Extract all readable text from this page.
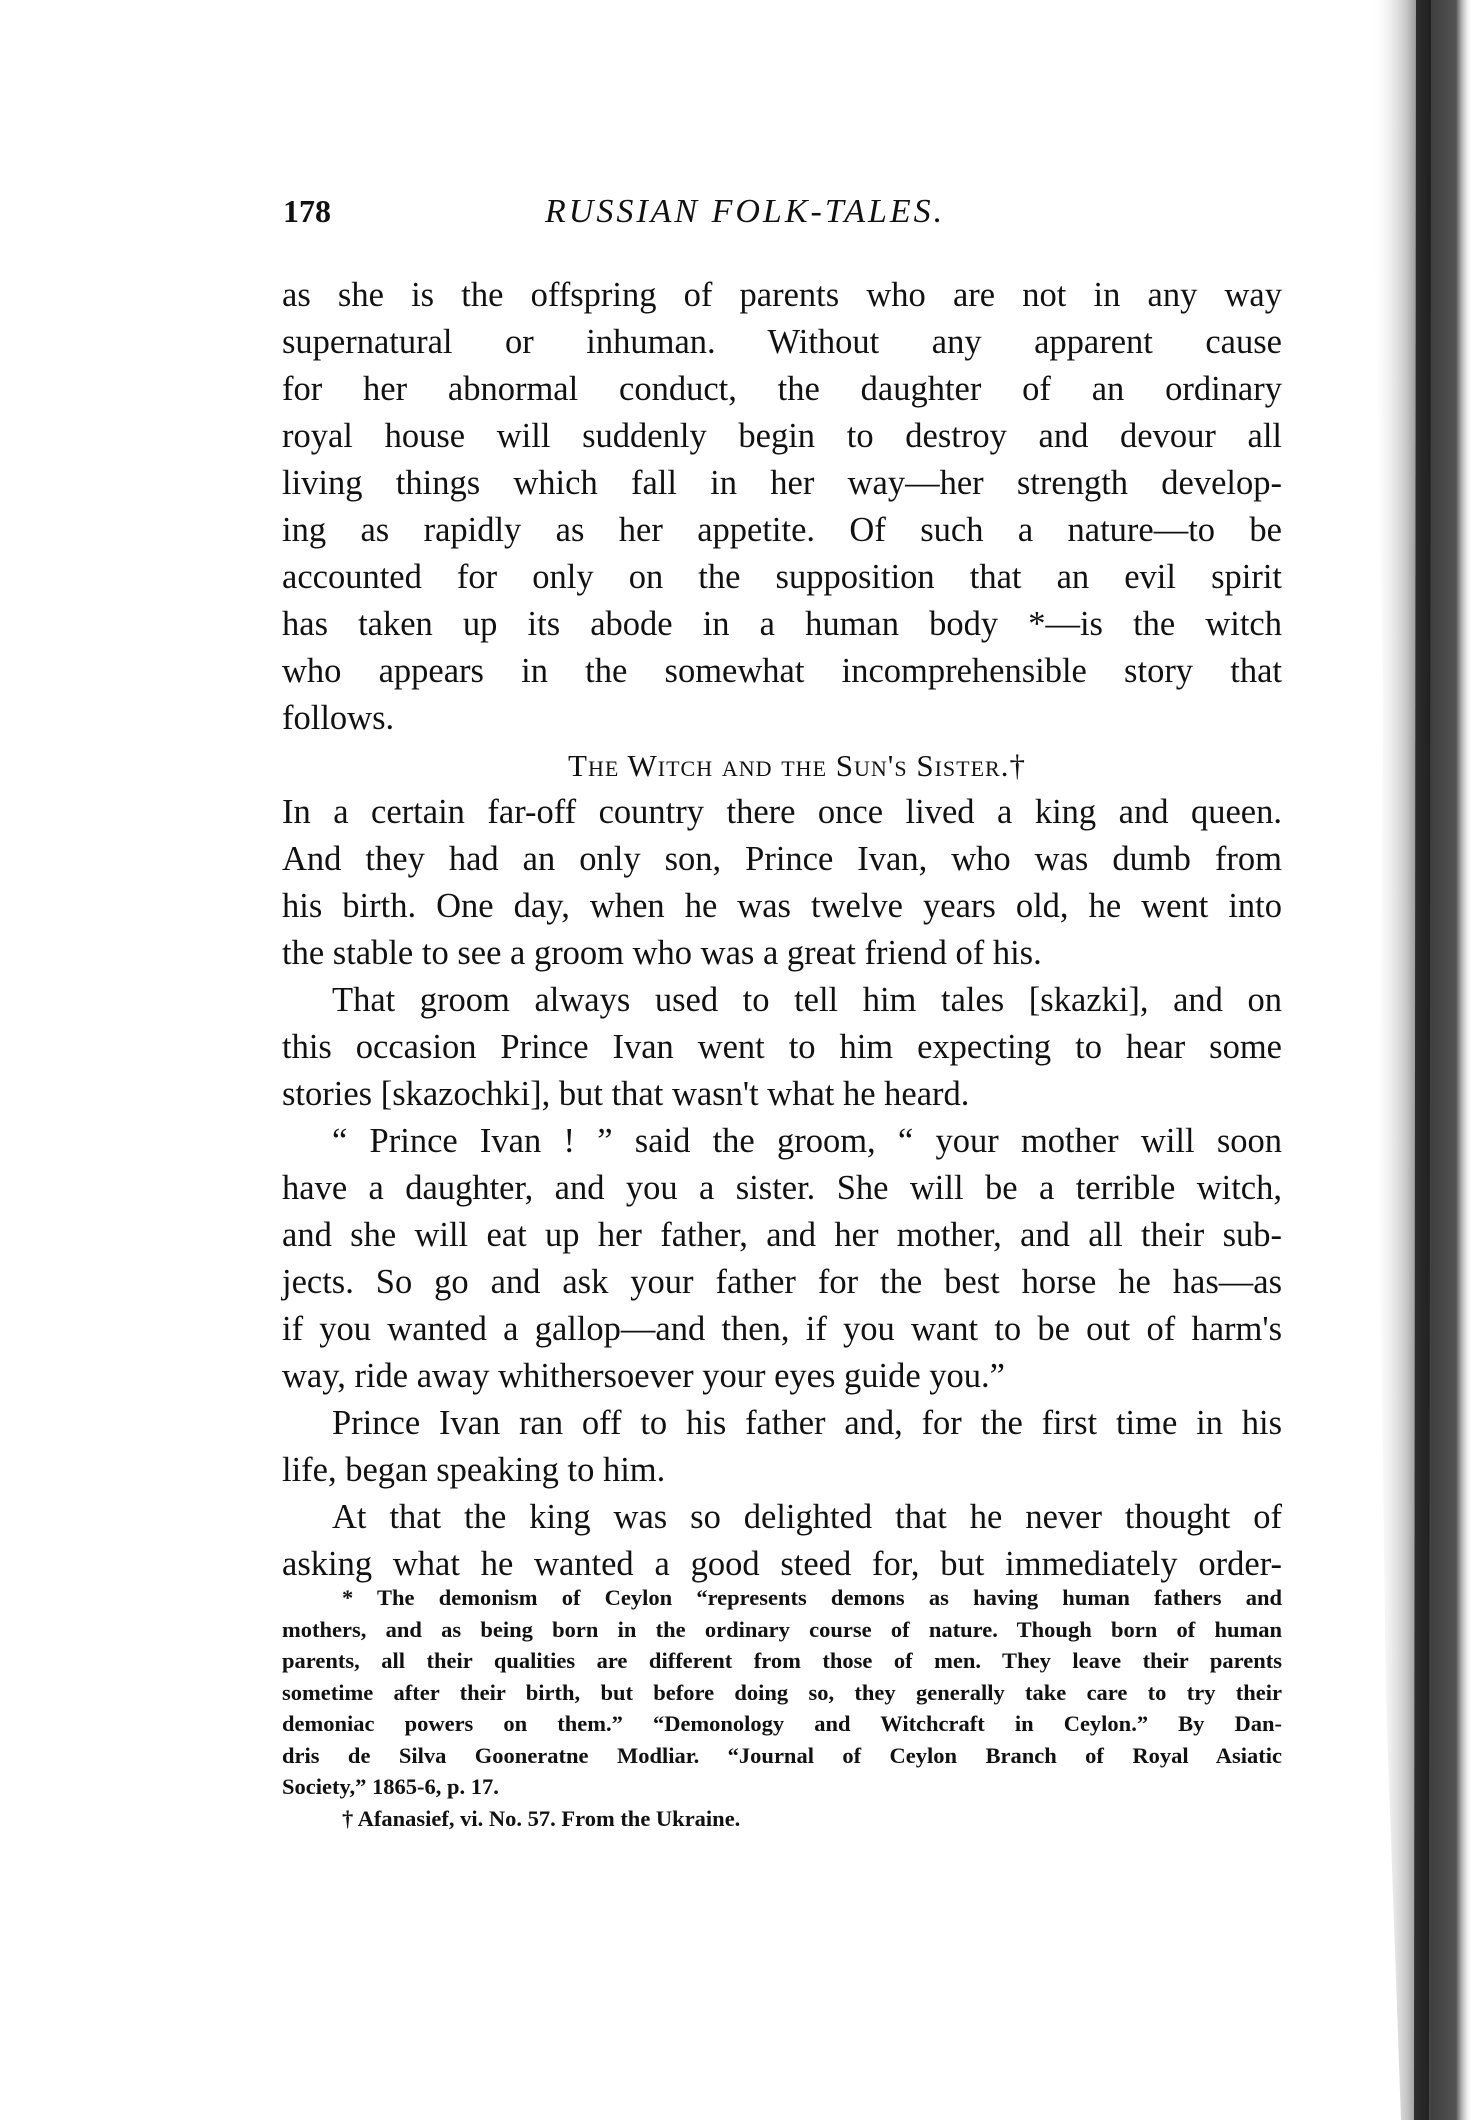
178	RUSSIAN FOLK-TALES.
as she is the offspring of parents who are not in any way
supernatural or inhuman. Without any apparent cause
for her abnormal conduct, the daughter of an ordinary
royal house will suddenly begin to destroy and devour all
living things which fall in her way—her strength develop-
ing as rapidly as her appetite. Of such a nature—to be
accounted for only on the supposition that an evil spirit
has taken up its abode in a human body *—is the witch
who appears in the somewhat incomprehensible story that
follows.
The Witch and the Sun's Sister.†
In a certain far-off country there once lived a king and queen.
And they had an only son, Prince Ivan, who was dumb from
his birth. One day, when he was twelve years old, he went into
the stable to see a groom who was a great friend of his.
That groom always used to tell him tales [skazki], and on
this occasion Prince Ivan went to him expecting to hear some
stories [skazochki], but that wasn't what he heard.
“ Prince Ivan ! ” said the groom, “ your mother will soon
have a daughter, and you a sister. She will be a terrible witch,
and she will eat up her father, and her mother, and all their sub-
jects. So go and ask your father for the best horse he has—as
if you wanted a gallop—and then, if you want to be out of harm's
way, ride away whithersoever your eyes guide you.”
Prince Ivan ran off to his father and, for the first time in his
life, began speaking to him.
At that the king was so delighted that he never thought of
asking what he wanted a good steed for, but immediately order-
* The demonism of Ceylon “represents demons as having human fathers and
mothers, and as being born in the ordinary course of nature. Though born of human
parents, all their qualities are different from those of men. They leave their parents
sometime after their birth, but before doing so, they generally take care to try their
demoniac powers on them.” “Demonology and Witchcraft in Ceylon.” By Dan-
dris de Silva Gooneratne Modliar. “Journal of Ceylon Branch of Royal Asiatic
Society,” 1865-6, p. 17.
† Afanasief, vi. No. 57. From the Ukraine.
